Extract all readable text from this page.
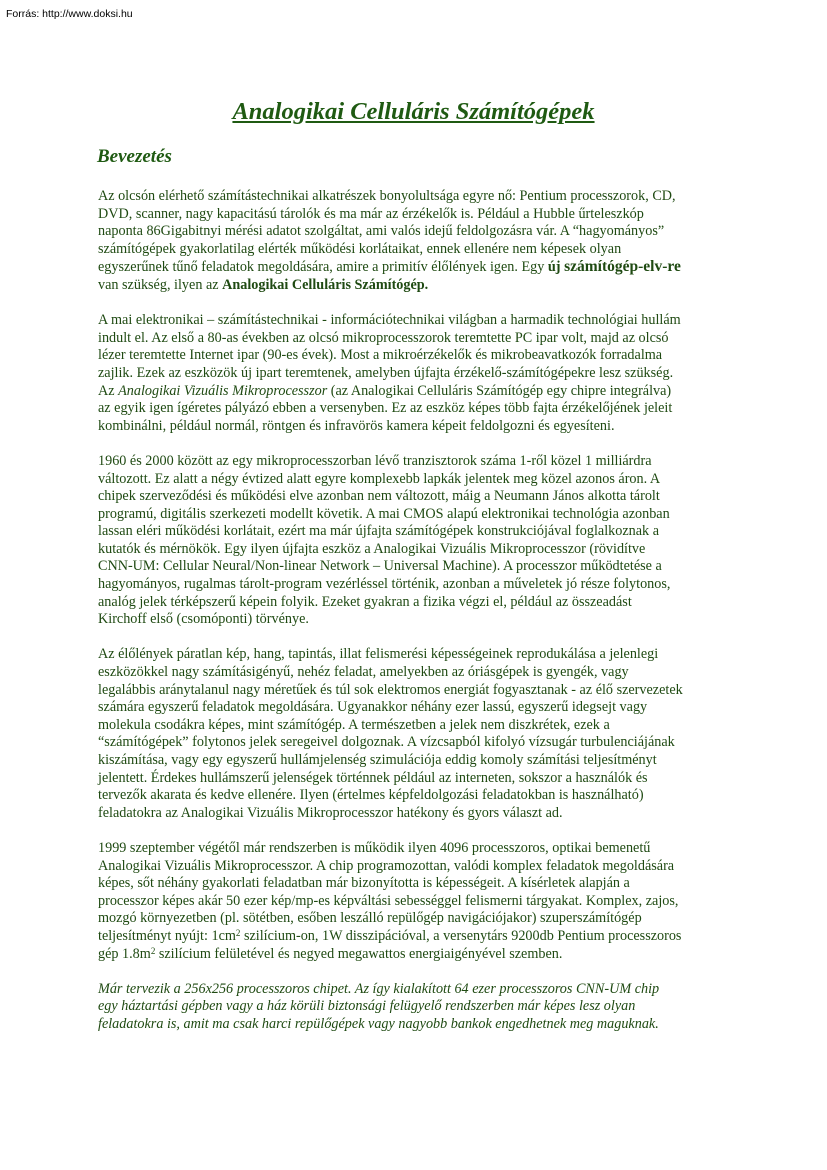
Forrás: http://www.doksi.hu
Analogikai Celluláris Számítógépek
Bevezetés

Az olcsón elérhető számítástechnikai alkatrészek bonyolultsága egyre nő: Pentium processzorok, CD,
DVD, scanner, nagy kapacitású tárolók és ma már az érzékelők is. Például a Hubble űrteleszkóp
naponta 86Gigabitnyi mérési adatot szolgáltat, ami valós idejű feldolgozásra vár. A “hagyományos”
számítógépek gyakorlatilag elérték működési korlátaikat, ennek ellenére nem képesek olyan
egyszerűnek tűnő feladatok megoldására, amire a primitív élőlények igen. Egy új számítógép-elv-re
van szükség, ilyen az Analogikai Celluláris Számítógép.

A mai elektronikai – számítástechnikai - információtechnikai világban a harmadik technológiai hullám
indult el. Az első a 80-as években az olcsó mikroprocesszorok teremtette PC ipar volt, majd az olcsó
lézer teremtette Internet ipar (90-es évek). Most a mikroérzékelők és mikrobeavatkozók forradalma
zajlik. Ezek az eszközök új ipart teremtenek, amelyben újfajta érzékelő-számítógépekre lesz szükség.
Az Analogikai Vizuális Mikroprocesszor (az Analogikai Celluláris Számítógép egy chipre integrálva)
az egyik igen ígéretes pályázó ebben a versenyben. Ez az eszköz képes több fajta érzékelőjének jeleit
kombinálni, például normál, röntgen és infravörös kamera képeit feldolgozni és egyesíteni.

1960 és 2000 között az egy mikroprocesszorban lévő tranzisztorok száma 1-ről közel 1 milliárdra
változott. Ez alatt a négy évtized alatt egyre komplexebb lapkák jelentek meg közel azonos áron. A
chipek szerveződési és működési elve azonban nem változott, máig a Neumann János alkotta tárolt
programú, digitális szerkezeti modellt követik. A mai CMOS alapú elektronikai technológia azonban
lassan eléri működési korlátait, ezért ma már újfajta számítógépek konstrukciójával foglalkoznak a
kutatók és mérnökök. Egy ilyen újfajta eszköz a Analogikai Vizuális Mikroprocesszor (rövidítve
CNN-UM: Cellular Neural/Non-linear Network – Universal Machine). A processzor működtetése a
hagyományos, rugalmas tárolt-program vezérléssel történik, azonban a műveletek jó része folytonos,
analóg jelek térképszerű képein folyik. Ezeket gyakran a fizika végzi el, például az összeadást
Kirchoff első (csomóponti) törvénye.

Az élőlények páratlan kép, hang, tapintás, illat felismerési képességeinek reprodukálása a jelenlegi
eszközökkel nagy számításigényű, nehéz feladat, amelyekben az óriásgépek is gyengék, vagy
legalábbis aránytalanul nagy méretűek és túl sok elektromos energiát fogyasztanak - az élő szervezetek
számára egyszerű feladatok megoldására. Ugyanakkor néhány ezer lassú, egyszerű idegsejt vagy
molekula csodákra képes, mint számítógép. A természetben a jelek nem diszkrétek, ezek a
“számítógépek” folytonos jelek seregeivel dolgoznak. A vízcsapból kifolyó vízsugár turbulenciájának
kiszámítása, vagy egy egyszerű hullámjelenség szimulációja eddig komoly számítási teljesítményt
jelentett. Érdekes hullámszerű jelenségek történnek például az interneten, sokszor a használók és
tervezők akarata és kedve ellenére. Ilyen (értelmes képfeldolgozási feladatokban is használható)
feladatokra az Analogikai Vizuális Mikroprocesszor hatékony és gyors választ ad.

1999 szeptember végétől már rendszerben is működik ilyen 4096 processzoros, optikai bemenetű
Analogikai Vizuális Mikroprocesszor. A chip programozottan, valódi komplex feladatok megoldására
képes, sőt néhány gyakorlati feladatban már bizonyította is képességeit. A kísérletek alapján a
processzor képes akár 50 ezer kép/mp-es képváltási sebességgel felismerni tárgyakat. Komplex, zajos,
mozgó környezetben (pl. sötétben, esőben leszálló repülőgép navigációjakor) szuperszámítógép
teljesítményt nyújt: $1cm^2$ szilícium-on, 1W disszipációval, a versenytárs 9200db Pentium processzoros
gép $1.8m^2$ szilícium felületével és negyed megawattos energiaigényével szemben.

Már tervezik a 256x256 processzoros chipet. Az így kialakított 64 ezer processzoros CNN-UM chip
egy háztartási gépben vagy a ház körüli biztonsági felügyelő rendszerben már képes lesz olyan
feladatokra is, amit ma csak harci repülőgépek vagy nagyobb bankok engedhetnek meg maguknak.
